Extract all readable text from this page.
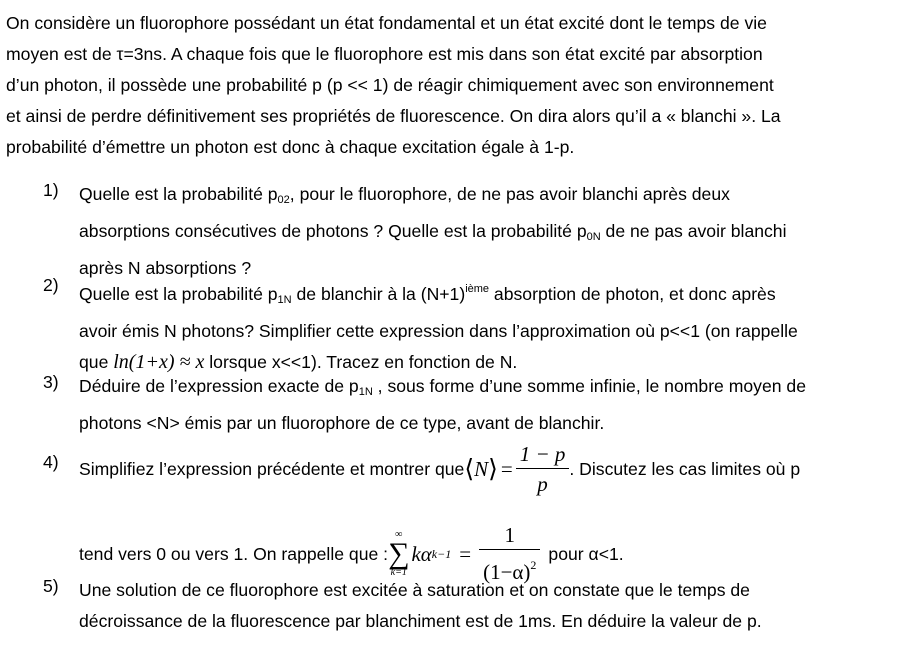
On considère un fluorophore possédant un état fondamental et un état excité dont le temps de vie
moyen est de τ=3ns. A chaque fois que le fluorophore est mis dans son état excité par absorption
d’un photon, il possède une probabilité p (p << 1) de réagir chimiquement avec son environnement
et ainsi de perdre définitivement ses propriétés de fluorescence. On dira alors qu’il a « blanchi ». La
probabilité d’émettre un photon est donc à chaque excitation égale à 1-p.
1)	Quelle est la probabilité $p_{02}$, pour le fluorophore, de ne pas avoir blanchi après deux
absorptions consécutives de photons ? Quelle est la probabilité $p_{0N}$ de ne pas avoir blanchi
après N absorptions ?
2)	Quelle est la probabilité $p_{1N}$ de blanchir à la $(N+1)^{ième}$ absorption de photon, et donc après
avoir émis N photons? Simplifier cette expression dans l’approximation où p<<1 (on rappelle
que ln(1+x) ≈ x lorsque x<<1). Tracez en fonction de N.
3)	Déduire de l’expression exacte de $p_{1N}$ , sous forme d’une somme infinie, le nombre moyen de
photons <N> émis par un fluorophore de ce type, avant de blanchir.
4)	Simplifiez l’expression précédente et montrer que ⟨ N ⟩ = $\frac{1 - p}{p}$ . Discutez les cas limites où p
tend vers 0 ou vers 1. On rappelle que :
∞
∑
k=1
kα $k-1 = \frac{1}{(1-\alpha)^2}$ pour α<1.
5)	Une solution de ce fluorophore est excitée à saturation et on constate que le temps de
décroissance de la fluorescence par blanchiment est de 1ms. En déduire la valeur de p.
